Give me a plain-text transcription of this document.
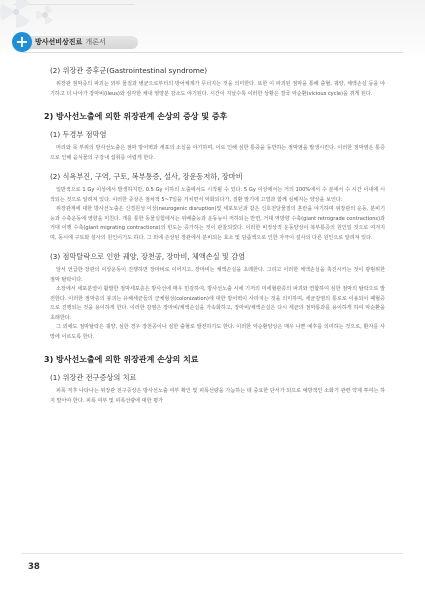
방사선비상진료 개론서
+
(2) 위장관 증후군(Gastrointestinal syndrome)

위장관 점막증의 파괴는 외부 물질과 병균으로부터의 방어체계가 무너지는 것을 의미한다. 또한 이 파괴된 점막을 통해 출혈, 궤양, 체액손실 등을 야기하고 더 나아가 장마비(ileus)와 심각한 체내 영양분 감소도 야기된다. 시간이 지날수록 이러한 상황은 결국 악순환(vicious cycle)을 겪게 된다.

2) 방사선노출에 의한 위장관계 손상의 증상 및 증후
(1) 두경부 점막염

머리와 목 부위의 방사선노출은 점막 방어벽과 세포의 소실을 야기하며, 이로 인해 심한 통증을 동반하는 점막염을 발생시킨다. 이러한 점막염은 통증으로 인해 음식물의 구강내 섭취를 어렵게 한다.

(2) 식욕부진, 구역, 구토, 복부통증, 설사, 장운동저하, 장마비

일반적으로 1 Gy 이상에서 발생하지만, 0.5 Gy 이하의 노출에서도 시작될 수 있다. 5 Gy 이상에서는 거의 100%에서 수 분에서 수 시간 이내에 시작되는 것으로 알려져 있다. 이러한 증상은 점차적 5~7일을 거치면서 악화되다가, 질환 말기에 고열과 함께 심해지는 양상을 보인다.

위장관계에 대한 방사선노출은 신경원성 이상(neurogenic disruption)및 세포토닌과 같은 신호전달물질의 혼란을 야기하며 위장관의 운동, 분비기능과 수축운동에 영향을 미친다. 개를 통한 동물실험에서는 위배출능과 운동능이 저하되는 반면, 거대 역방향 수축(giant retrograde contractions)과 거대 이행 수축(giant migrating contractions)의 빈도는 증가하는 것이 관찰되었다. 이러한 비정상적 운동양상이 복부통증의 원인일 것으로 여겨지며, 동시에 구토와 설사의 원인이기도 하다. 그 외에 손상된 장관에서 분비되는 효소 및 담즙액으로 인한 자극이 설사의 다른 원인으로 알려져 있다.

(3) 점막탈락으로 인한 궤양, 장천공, 장마비, 체액손실 및 감염

앞서 언급한 장관의 이상운동이 진행하면 장마비로 이어지고, 장마비는 체액손실을 초래한다. 그리고 이러한 체액손실을 촉진시키는 것이 광범위한 점막 탈락이다.

소장에서 세포분열이 활발한 점막세포층은 방사선에 매우 민감하여, 방사선노출 시에 기저의 미세혈관층의 파괴와 연합하여 심한 점막의 탈락으로 발전한다. 이러한 점막층의 붕괴는 유해세균들의 군체형성(colonization)에 대한 방어벽이 사라지는 것을 의미하며, 세균감염의 통로로 이용되어 패혈증으로 진행되는 것을 용이하게 한다. 이러한 감염은 장마비/체액손실을 가속화하고, 장마비/체액손실은 다시 세균의 점막통과를 용이하게 하여 악순환을 초래한다.

그 외에도 점막탈락은 궤양, 심한 경우 장천공이나 심한 출혈로 발전하기도 한다. 이러한 악순환양상은 매우 나쁜 예후를 의미하는 것으로, 환자를 사망에 이르도록 한다.

3) 방사선노출에 의한 위장관계 손상의 치료
(1) 위장관 전구증상의 치료

피폭 직후 나타나는 위장관 전구증상은 방사선노출 여부 확인 및 피폭선량을 가늠하는 데 중요한 단서가 되므로 예방적인 소화기 관련 약제 투여는 하지 말아야 한다. 피폭 여부 및 피폭선량에 대한 평가

38
